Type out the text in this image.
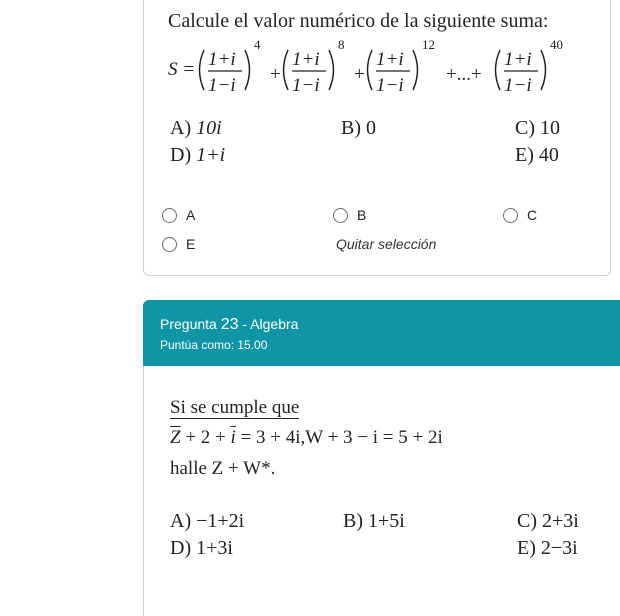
Calcule el valor numérico de la siguiente suma:
S = 1+i
1−i
4
+
1+i
1−i
8
+
1+i
1−i
12
+...+
1+i
1−i
40
A) 10i	B) 0	C) 10
D) 1+i	E) 40
A	B	C
E	Quitar selección
Pregunta 23 - Algebra
Puntúa como: 15.00
Si se cumple que
$\overline{Z} + 2 + \overline{i} = 3 + 4i,W + 3 - i = 5 + 2i$
halle Z + W*.
A) −1+2i	B) 1+5i	C) 2+3i
D) 1+3i	E) 2−3i
